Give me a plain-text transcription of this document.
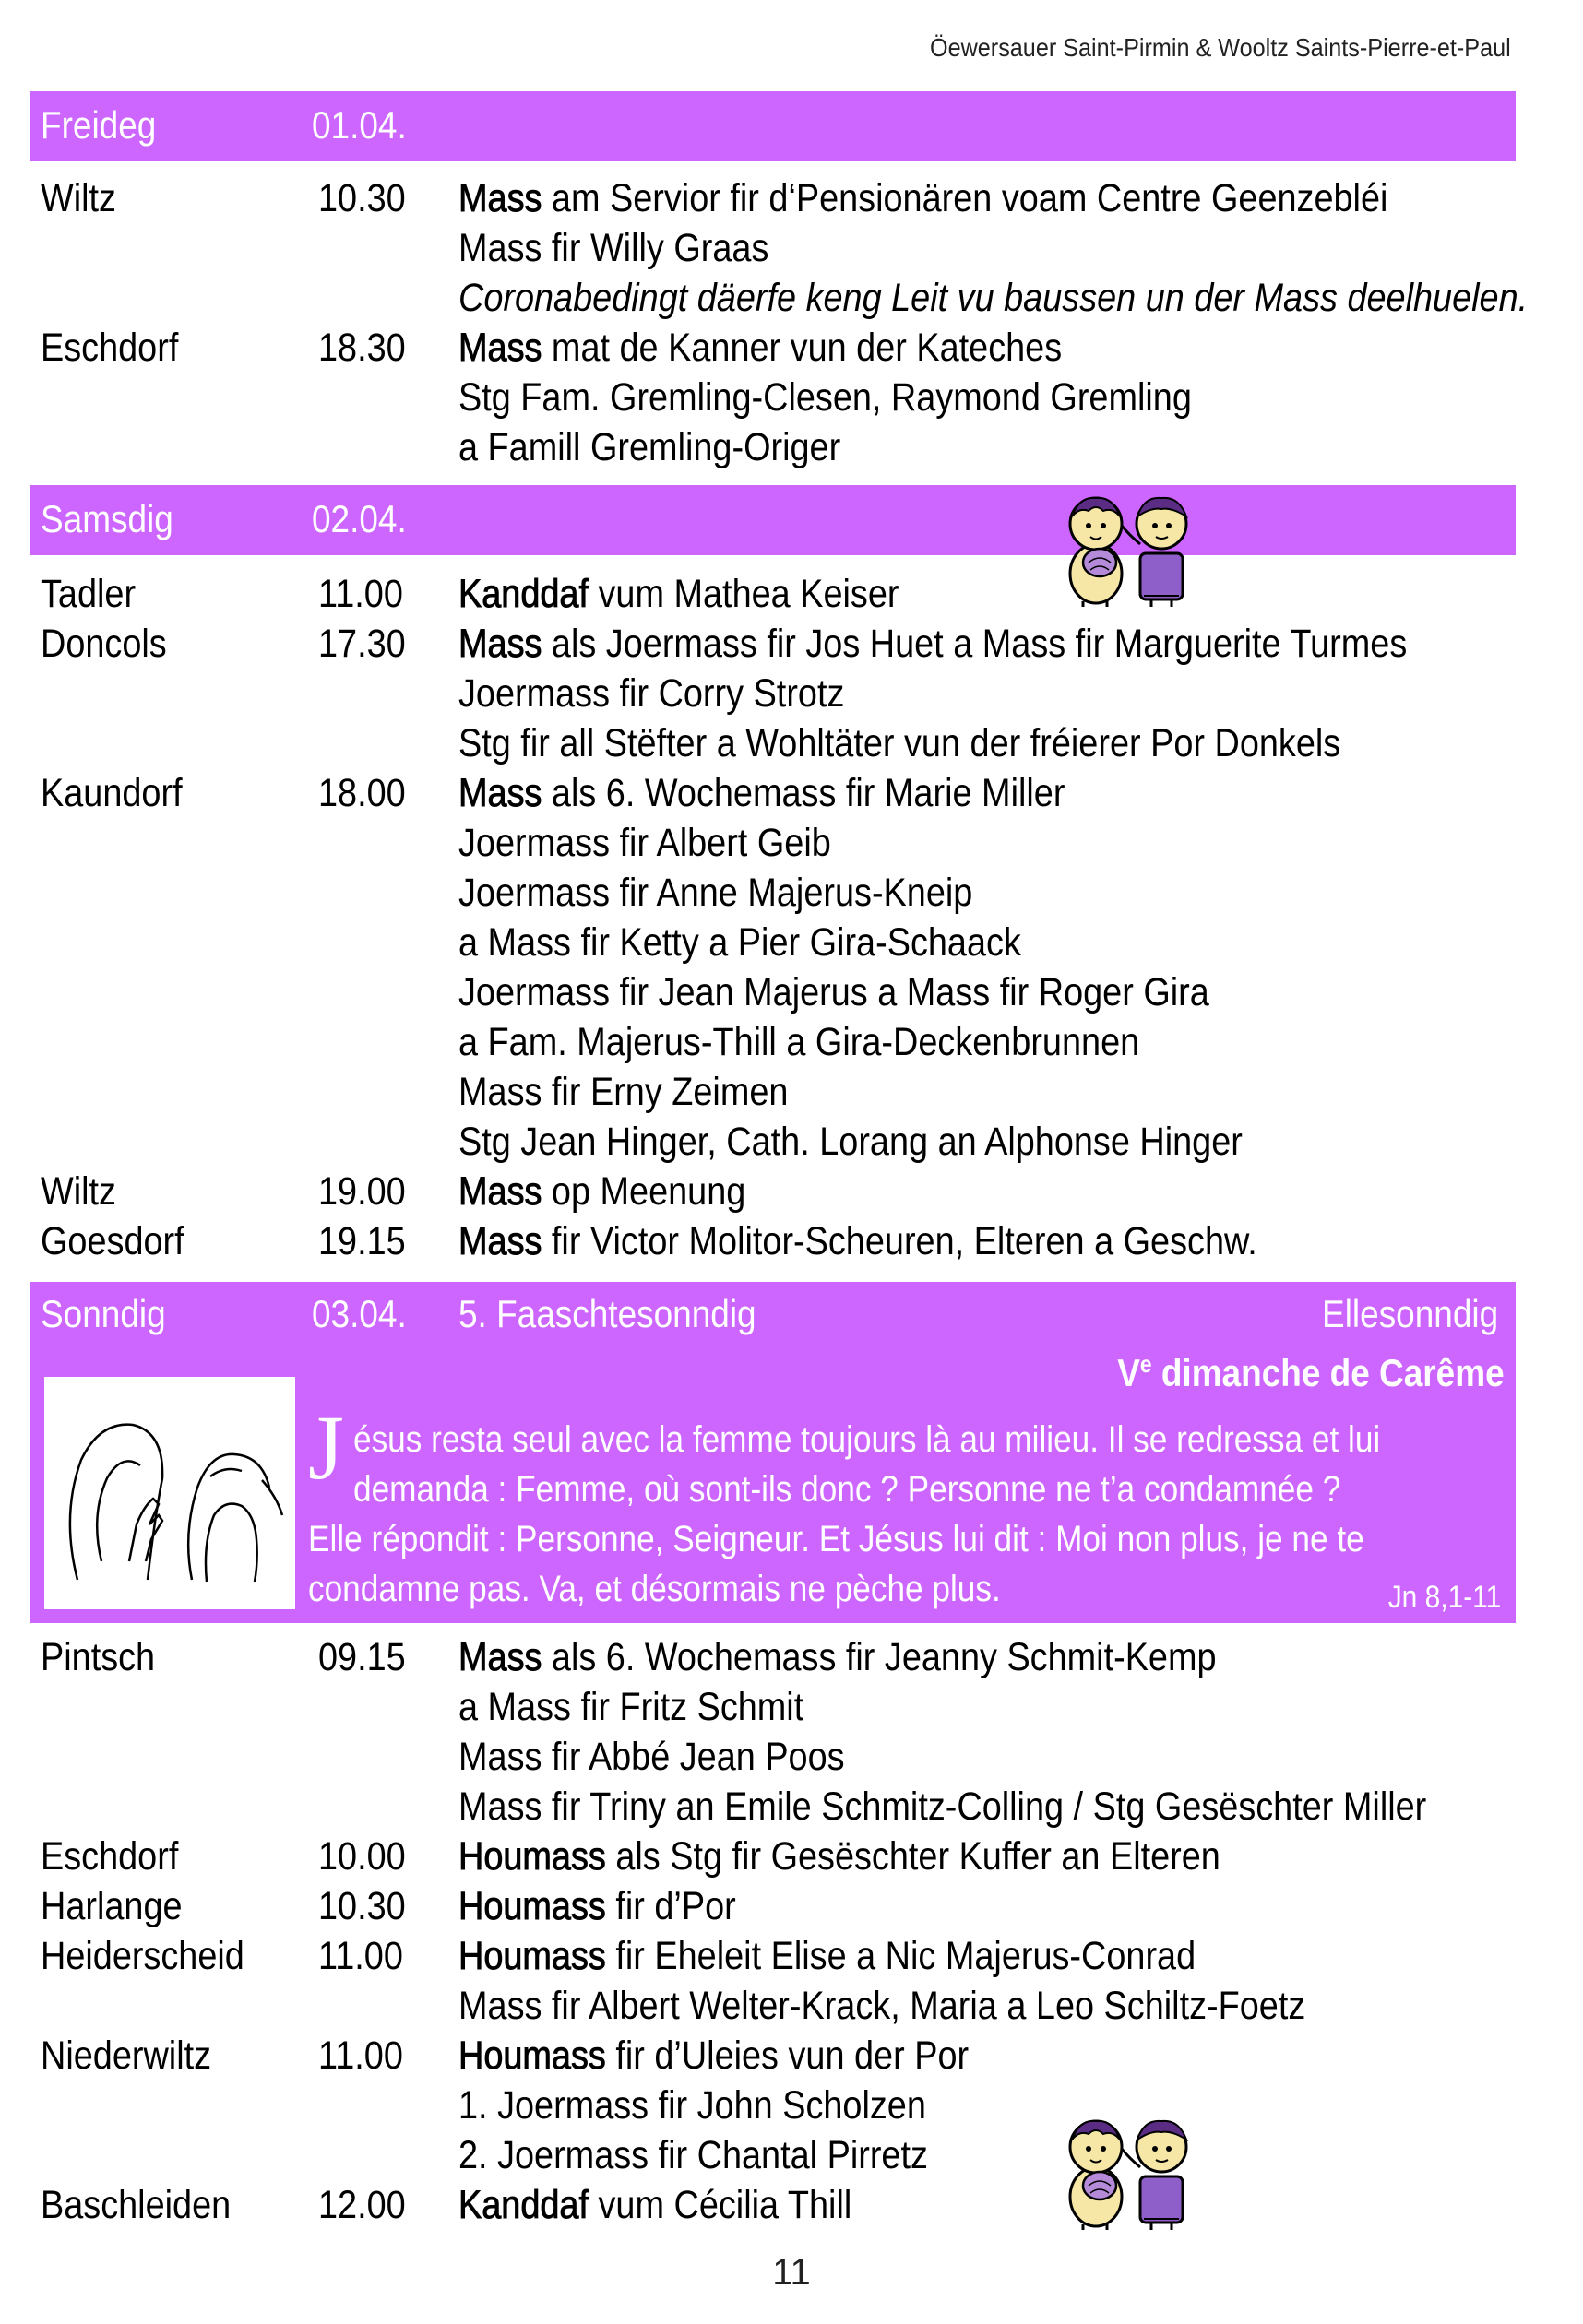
Öewersauer Saint-Pirmin & Wooltz Saints-Pierre-et-Paul
Freideg	01.04.
Wiltz	10.30	Mass am Servior fir d‘Pensionären voam Centre Geenzebléi
Mass fir Willy Graas
Coronabedingt däerfe keng Leit vu baussen un der Mass deelhuelen.
Eschdorf	18.30	Mass mat de Kanner vun der Kateches
Stg Fam. Gremling-Clesen, Raymond Gremling
a Famill Gremling-Origer
Samsdig	02.04.
Tadler	11.00 Kanddaf vum Mathea Keiser
Doncols	17.30	Mass als Joermass fir Jos Huet a Mass fir Marguerite Turmes
Joermass fir Corry Strotz
Stg fir all Stëfter a Wohltäter vun der fréierer Por Donkels
Kaundorf	18.00	Mass als 6. Wochemass fir Marie Miller
Joermass fir Albert Geib
Joermass fir Anne Majerus-Kneip
a Mass fir Ketty a Pier Gira-Schaack
Joermass fir Jean Majerus a Mass fir Roger Gira
a Fam. Majerus-Thill a Gira-Deckenbrunnen
Mass fir Erny Zeimen
Stg Jean Hinger, Cath. Lorang an Alphonse Hinger
Wiltz	19.00	Mass op Meenung
Goesdorf	19.15	Mass fir Victor Molitor-Scheuren, Elteren a Geschw.
Sonndig	03.04.	5. Faaschtesonndig	Ellesonndig
Ve dimanche de Carême
J ésus resta seul avec la femme toujours là au milieu. Il se redressa et lui
demanda : Femme, où sont-ils donc ? Personne ne t’a condamnée ?
Elle répondit : Personne, Seigneur. Et Jésus lui dit : Moi non plus, je ne te
condamne pas. Va, et désormais ne pèche plus.	Jn 8,1-11
Pintsch	09.15	Mass als 6. Wochemass fir Jeanny Schmit-Kemp
a Mass fir Fritz Schmit
Mass fir Abbé Jean Poos
Mass fir Triny an Emile Schmitz-Colling / Stg Gesëschter Miller
Eschdorf	10.00	Houmass als Stg fir Gesëschter Kuffer an Elteren
Harlange	10.30	Houmass fir d’Por
Heiderscheid	11.00 Houmass fir Eheleit Elise a Nic Majerus-Conrad
Mass fir Albert Welter-Krack, Maria a Leo Schiltz-Foetz
Niederwiltz	11.00 Houmass fir d’Uleies vun der Por
1. Joermass fir John Scholzen
2. Joermass fir Chantal Pirretz
Baschleiden	12.00	Kanddaf vum Cécilia Thill
11
